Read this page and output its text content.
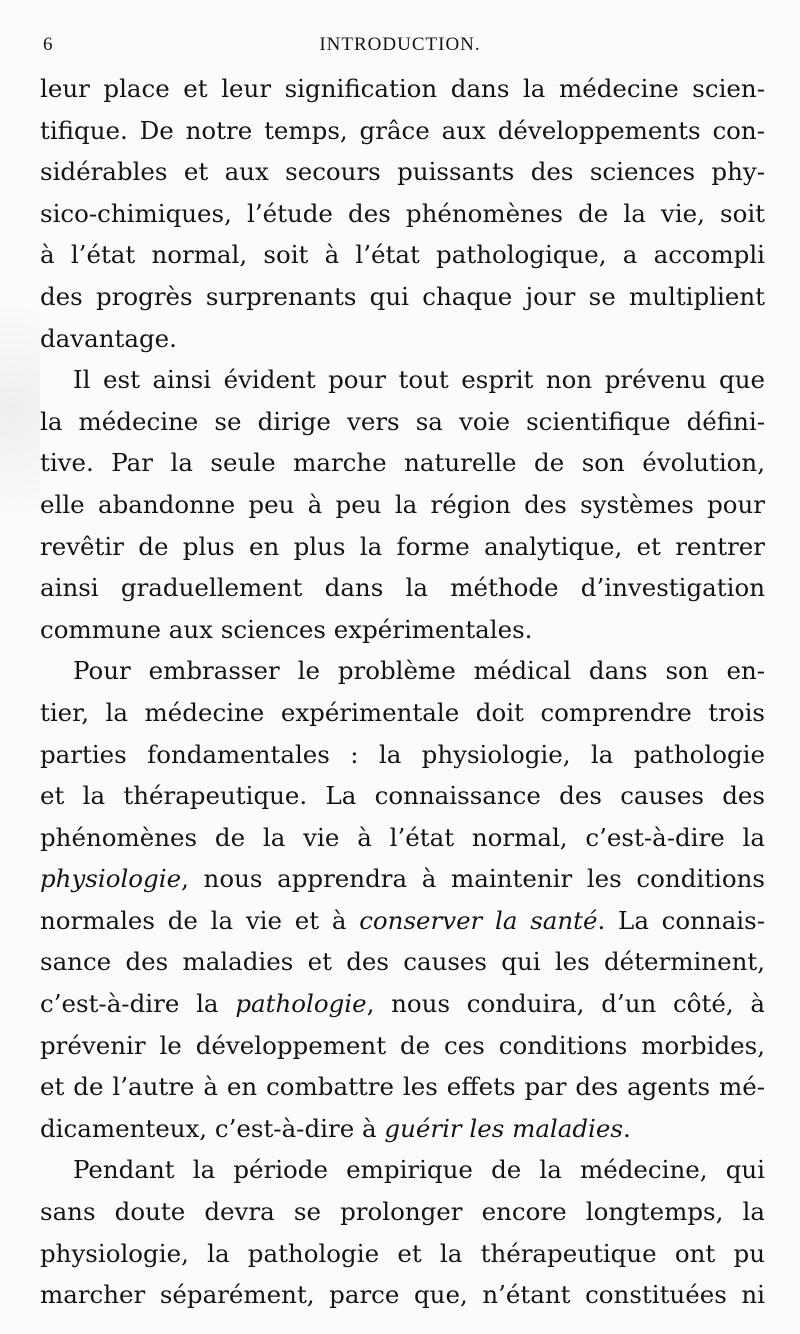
6	INTRODUCTION.
leur place et leur signification dans la médecine scien-
tifique. De notre temps, grâce aux développements con-
sidérables et aux secours puissants des sciences phy-
sico-chimiques, l’étude des phénomènes de la vie, soit
à l’état normal, soit à l’état pathologique, a accompli
des progrès surprenants qui chaque jour se multiplient
davantage.
Il est ainsi évident pour tout esprit non prévenu que
la médecine se dirige vers sa voie scientifique défini-
tive. Par la seule marche naturelle de son évolution,
elle abandonne peu à peu la région des systèmes pour
revêtir de plus en plus la forme analytique, et rentrer
ainsi graduellement dans la méthode d’investigation
commune aux sciences expérimentales.
Pour embrasser le problème médical dans son en-
tier, la médecine expérimentale doit comprendre trois
parties fondamentales : la physiologie, la pathologie
et la thérapeutique. La connaissance des causes des
phénomènes de la vie à l’état normal, c’est-à-dire la
physiologie, nous apprendra à maintenir les conditions
normales de la vie et à conserver la santé. La connais-
sance des maladies et des causes qui les déterminent,
c’est-à-dire la pathologie, nous conduira, d’un côté, à
prévenir le développement de ces conditions morbides,
et de l’autre à en combattre les effets par des agents mé-
dicamenteux, c’est-à-dire à guérir les maladies.
Pendant la période empirique de la médecine, qui
sans doute devra se prolonger encore longtemps, la
physiologie, la pathologie et la thérapeutique ont pu
marcher séparément, parce que, n’étant constituées ni
